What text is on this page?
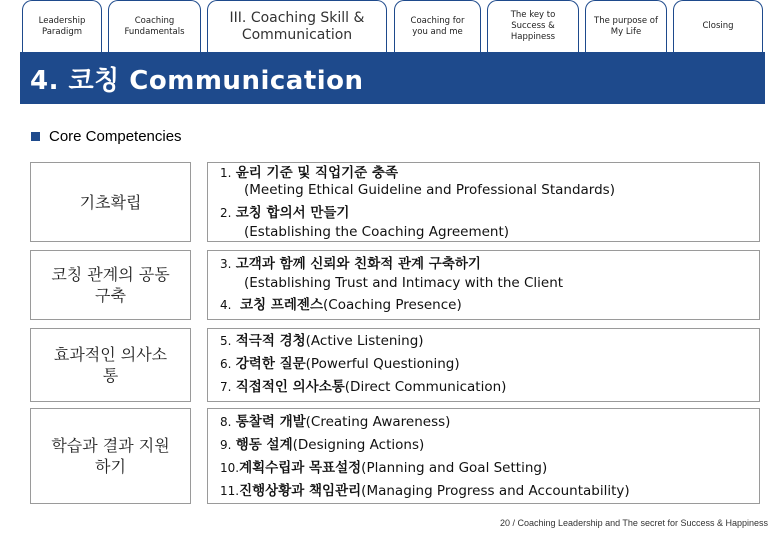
Leadership
Paradigm
Coaching
Fundamentals
III. Coaching Skill &
Communication
Coaching for
you and me
The key to
Success & Happiness
The purpose of
My Life
Closing
4. 코칭 Communication
Core Competencies
기초확립
1. 윤리 기준 및 직업기준 충족
(Meeting Ethical Guideline and Professional Standards)
2. 코칭 합의서 만들기
(Establishing the Coaching Agreement)
코칭 관계의 공동
구축
3. 고객과 함께 신뢰와 친화적 관계 구축하기
(Establishing Trust and Intimacy with the Client
4. 코칭 프레젠스(Coaching Presence)
효과적인 의사소
통
5. 적극적 경청(Active Listening)
6. 강력한 질문(Powerful Questioning)
7. 직접적인 의사소통(Direct Communication)
학습과 결과 지원
하기
8. 통찰력 개발(Creating Awareness)
9. 행동 설계(Designing Actions)
10.계획수립과 목표설정(Planning and Goal Setting)
11.진행상황과 책임관리(Managing Progress and Accountability)
20 / Coaching Leadership and The secret for Success & Happiness
